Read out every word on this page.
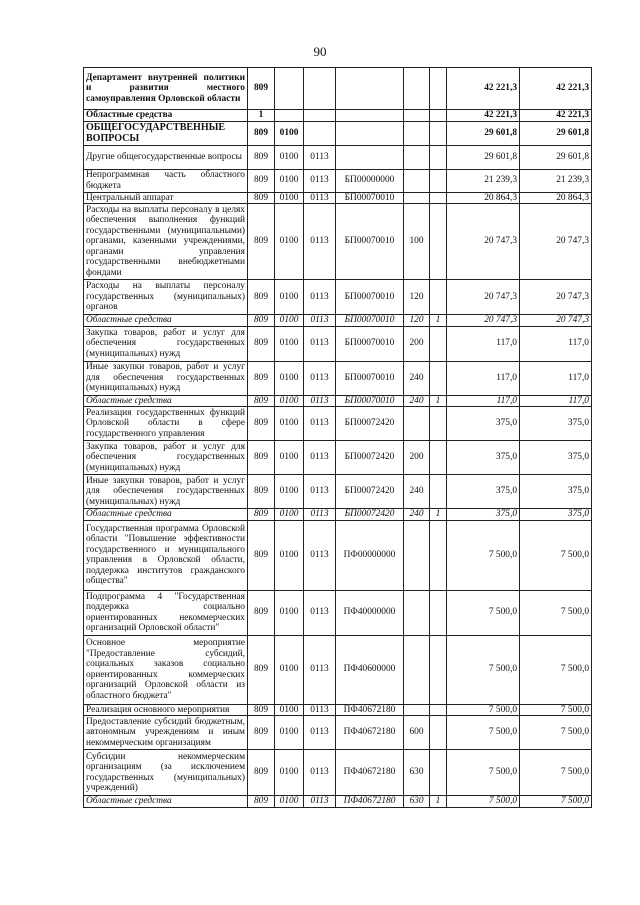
90
Департамент внутренней политики и развития местного самоуправления Орловской области	809						42 221,3	42 221,3
Областные средства	1						42 221,3	42 221,3
ОБЩЕГОСУДАРСТВЕННЫЕ ВОПРОСЫ	809	0100					29 601,8	29 601,8
Другие общегосударственные вопросы	809	0100	0113				29 601,8	29 601,8
Непрограммная часть областного бюджета	809	0100	0113	БП00000000			21 239,3	21 239,3
Центральный аппарат	809	0100	0113	БП00070010			20 864,3	20 864,3
Расходы на выплаты персоналу в целях обеспечения выполнения функций государственными (муниципальными) органами, казенными учреждениями, органами управления государственными внебюджетными фондами	809	0100	0113	БП00070010	100		20 747,3	20 747,3
Расходы на выплаты персоналу государственных (муниципальных) органов	809	0100	0113	БП00070010	120		20 747,3	20 747,3
Областные средства	809	0100	0113	БП00070010	120	1	20 747,3	20 747,3
Закупка товаров, работ и услуг для обеспечения государственных (муниципальных) нужд	809	0100	0113	БП00070010	200		117,0	117,0
Иные закупки товаров, работ и услуг для обеспечения государственных (муниципальных) нужд	809	0100	0113	БП00070010	240		117,0	117,0
Областные средства	809	0100	0113	БП00070010	240	1	117,0	117,0
Реализация государственных функций Орловской области в сфере государственного управления	809	0100	0113	БП00072420			375,0	375,0
Закупка товаров, работ и услуг для обеспечения государственных (муниципальных) нужд	809	0100	0113	БП00072420	200		375,0	375,0
Иные закупки товаров, работ и услуг для обеспечения государственных (муниципальных) нужд	809	0100	0113	БП00072420	240		375,0	375,0
Областные средства	809	0100	0113	БП00072420	240	1	375,0	375,0
Государственная программа Орловской области "Повышение эффективности государственного и муниципального управления в Орловской области, поддержка институтов гражданского общества"	809	0100	0113	ПФ00000000			7 500,0	7 500,0
Подпрограмма 4 "Государственная поддержка социально ориентированных некоммерческих организаций Орловской области"	809	0100	0113	ПФ40000000			7 500,0	7 500,0
Основное мероприятие "Предоставление субсидий, социальных заказов социально ориентированных коммерческих организаций Орловской области из областного бюджета"	809	0100	0113	ПФ40600000			7 500,0	7 500,0
Реализация основного мероприятия	809	0100	0113	ПФ40672180			7 500,0	7 500,0
Предоставление субсидий бюджетным, автономным учреждениям и иным некоммерческим организациям	809	0100	0113	ПФ40672180	600		7 500,0	7 500,0
Субсидии некоммерческим организациям (за исключением государственных (муниципальных) учреждений)	809	0100	0113	ПФ40672180	630		7 500,0	7 500,0
Областные средства	809	0100	0113	ПФ40672180	630	1	7 500,0	7 500,0
